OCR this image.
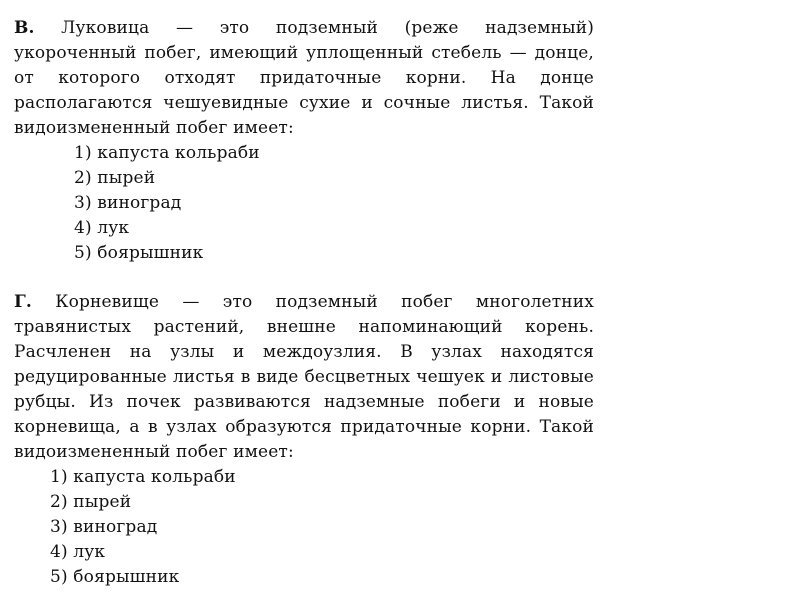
В. Луковица — это подземный (реже надземный) укороченный побег, имеющий уплощенный стебель — донце, от которого отходят придаточные корни. На донце располагаются чешуевидные сухие и сочные листья. Такой видоизмененный побег имеет:

1) капуста кольраби
2) пырей
3) виноград
4) лук
5) боярышник

Г. Корневище — это подземный побег многолетних травянистых растений, внешне напоминающий корень. Расчленен на узлы и междоузлия. В узлах находятся редуцированные листья в виде бесцветных чешуек и листовые рубцы. Из почек развиваются надземные побеги и новые корневища, а в узлах образуются придаточные корни. Такой видоизмененный побег имеет:

1) капуста кольраби
2) пырей
3) виноград
4) лук
5) боярышник
